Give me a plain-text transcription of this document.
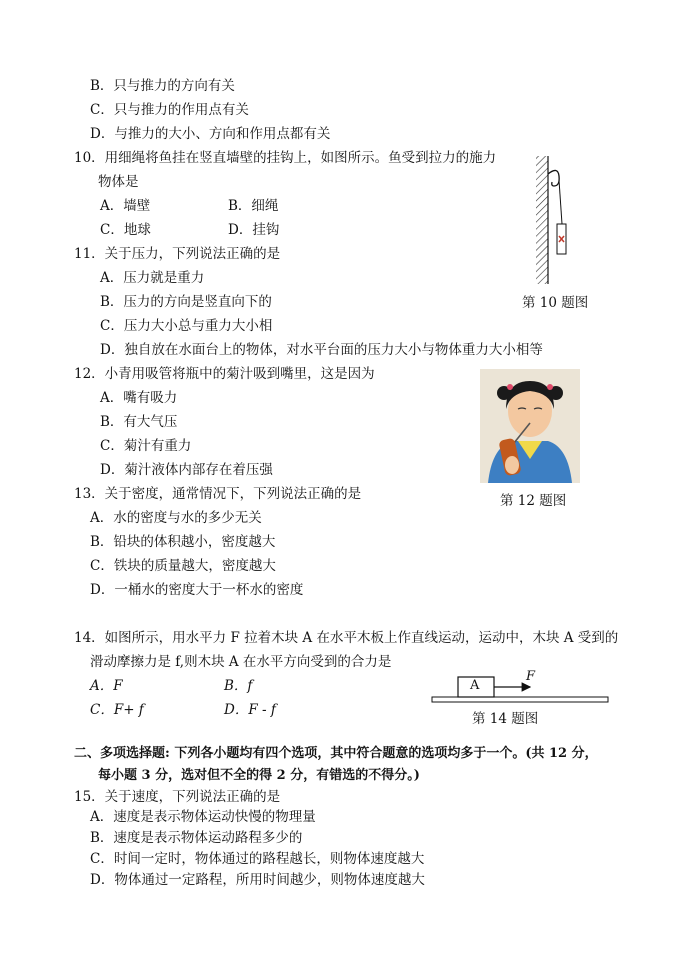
B．只与推力的方向有关
C．只与推力的作用点有关
D．与推力的大小、方向和作用点都有关
10．用细绳将鱼挂在竖直墙壁的挂钩上，如图所示。鱼受到拉力的施力
物体是
A．墙壁	B．细绳
C．地球	D．挂钩
第 10 题图
11．关于压力，下列说法正确的是
A．压力就是重力
B．压力的方向是竖直向下的
C．压力大小总与重力大小相
D．独自放在水面台上的物体，对水平台面的压力大小与物体重力大小相等
12．小青用吸管将瓶中的菊汁吸到嘴里，这是因为
A．嘴有吸力
B．有大气压
C．菊汁有重力
D．菊汁液体内部存在着压强
第 12 题图
13．关于密度，通常情况下，下列说法正确的是
A．水的密度与水的多少无关
B．铅块的体积越小，密度越大
C．铁块的质量越大，密度越大
D．一桶水的密度大于一杯水的密度
14．如图所示，用水平力 F 拉着木块 A 在水平木板上作直线运动，运动中，木块 A 受到的
滑动摩擦力是 f,则木块 A 在水平方向受到的合力是
A．F	B．f
C．F+ f	D．F - f
A
F
第 14 题图
二、多项选择题: 下列各小题均有四个选项，其中符合题意的选项均多于一个。(共 12 分，
每小题 3 分，选对但不全的得 2 分，有错选的不得分。)
15．关于速度，下列说法正确的是
A．速度是表示物体运动快慢的物理量
B．速度是表示物体运动路程多少的
C．时间一定时，物体通过的路程越长，则物体速度越大
D．物体通过一定路程，所用时间越少，则物体速度越大
